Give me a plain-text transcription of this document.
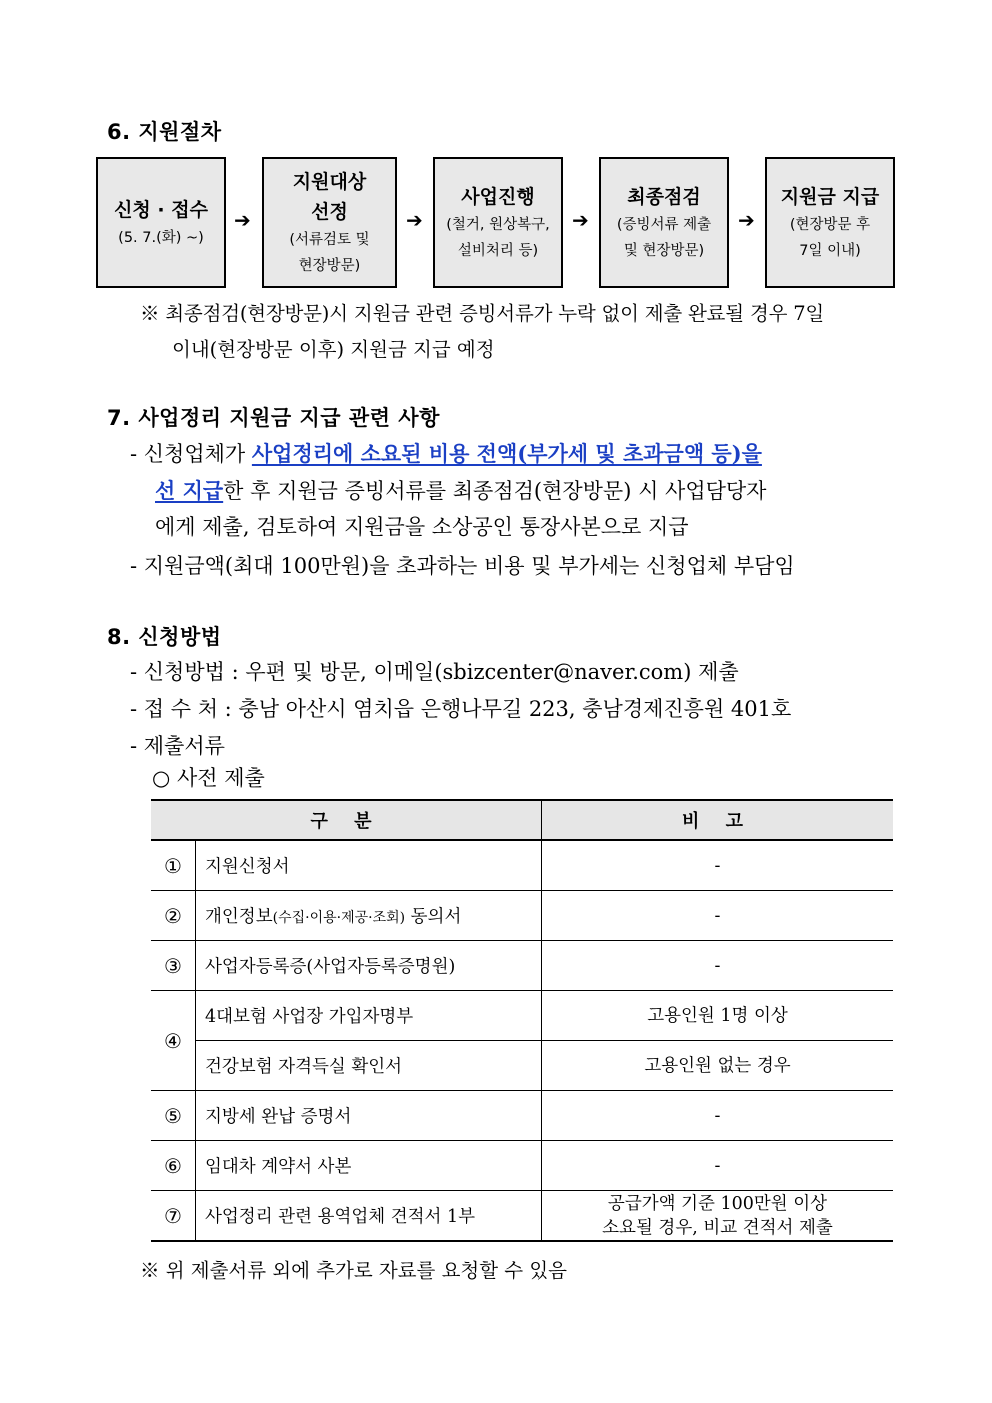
6. 지원절차
신청 · 접수
(5. 7.(화) ~)
➔
지원대상
선정
(서류검토 및
현장방문)
➔
사업진행
(철거, 원상복구,
설비처리 등)
➔
최종점검
(증빙서류 제출
및 현장방문)
➔
지원금 지급
(현장방문 후
7일 이내)
※ 최종점검(현장방문)시 지원금 관련 증빙서류가 누락 없이 제출 완료될 경우 7일
이내(현장방문 이후) 지원금 지급 예정
7. 사업정리 지원금 지급 관련 사항
- 신청업체가 사업정리에 소요된 비용 전액(부가세 및 초과금액 등)을
선 지급한 후 지원금 증빙서류를 최종점검(현장방문) 시 사업담당자
에게 제출, 검토하여 지원금을 소상공인 통장사본으로 지급
- 지원금액(최대 100만원)을 초과하는 비용 및 부가세는 신청업체 부담임
8. 신청방법
- 신청방법 : 우편 및 방문, 이메일(sbizcenter@naver.com) 제출
- 접 수 처 : 충남 아산시 염치읍 은행나무길 223, 충남경제진흥원 401호
- 제출서류
○ 사전 제출
구 분		비 고
①	지원신청서	-
②	개인정보(수집·이용·제공·조회) 동의서	-
③	사업자등록증(사업자등록증명원)	-
④	4대보험 사업장 가입자명부	고용인원 1명 이상
	건강보험 자격득실 확인서	고용인원 없는 경우
⑤	지방세 완납 증명서	-
⑥	임대차 계약서 사본	-
⑦	사업정리 관련 용역업체 견적서 1부	공급가액 기준 100만원 이상
소요될 경우, 비교 견적서 제출
※ 위 제출서류 외에 추가로 자료를 요청할 수 있음
